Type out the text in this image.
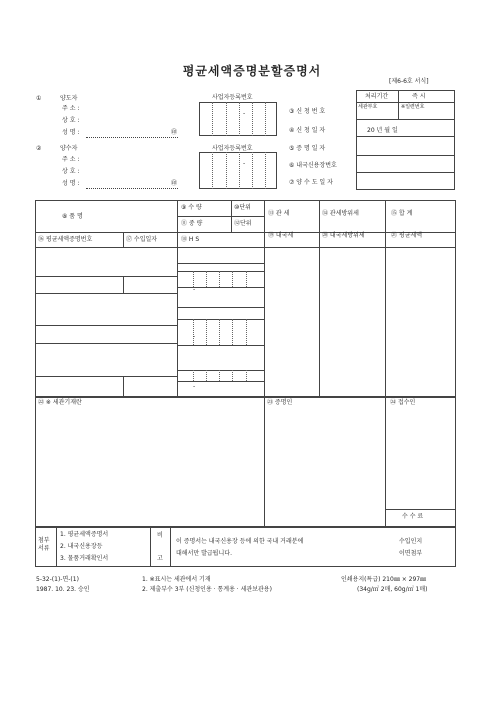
평균세액증명분할증명서
[제6-6호 서식]
①	양도자
주 소 :
상 호 :
성 명 :	㊞
사업자등록번호
-
②	양수자
주 소 :
상 호 :
성 명 :	㊞
사업자등록번호
-
③ 신 청 번 호
④ 신 청 일 자
⑤ 증 명 일 자
⑥ 내국신용장번호
⑦ 양 수 도 일 자
처리기간	즉 시
세관부호	※일련번호
20 년 월 일
⑧ 품 명
⑨ 수 량	⑩단위
⑪ 중 량	⑫단위
⑬ 관 세	⑭ 관세방위세	⑮ 합 계
⑯ 평균세액증명번호	⑰ 수입일자	⑱ H S
⑲ 내국세	⑳ 내국세방위세	㉑ 평균세액
-
-
-
㉒ ※ 세관기재란	㉓ 증명인	㉔ 접수인
수 수 료
첨부
서류
1. 평균세액증명서
2. 내국신용장등
3. 물품거래확인서
비
고
이 증명서는 내국신용장 등에 의한 국내 거래분에
대해서만 발급됩니다.
수입인지
이면첨부
5-32-(1)-면-(1)
1987. 10. 23. 승인
1. ※표시는 세관에서 기재
2. 제출부수 3부 (신청인용 · 통계용 · 세관보관용)
인쇄용지(특급) 210㎜ × 297㎜
(34g/㎡ 2매, 60g/㎡ 1매)
